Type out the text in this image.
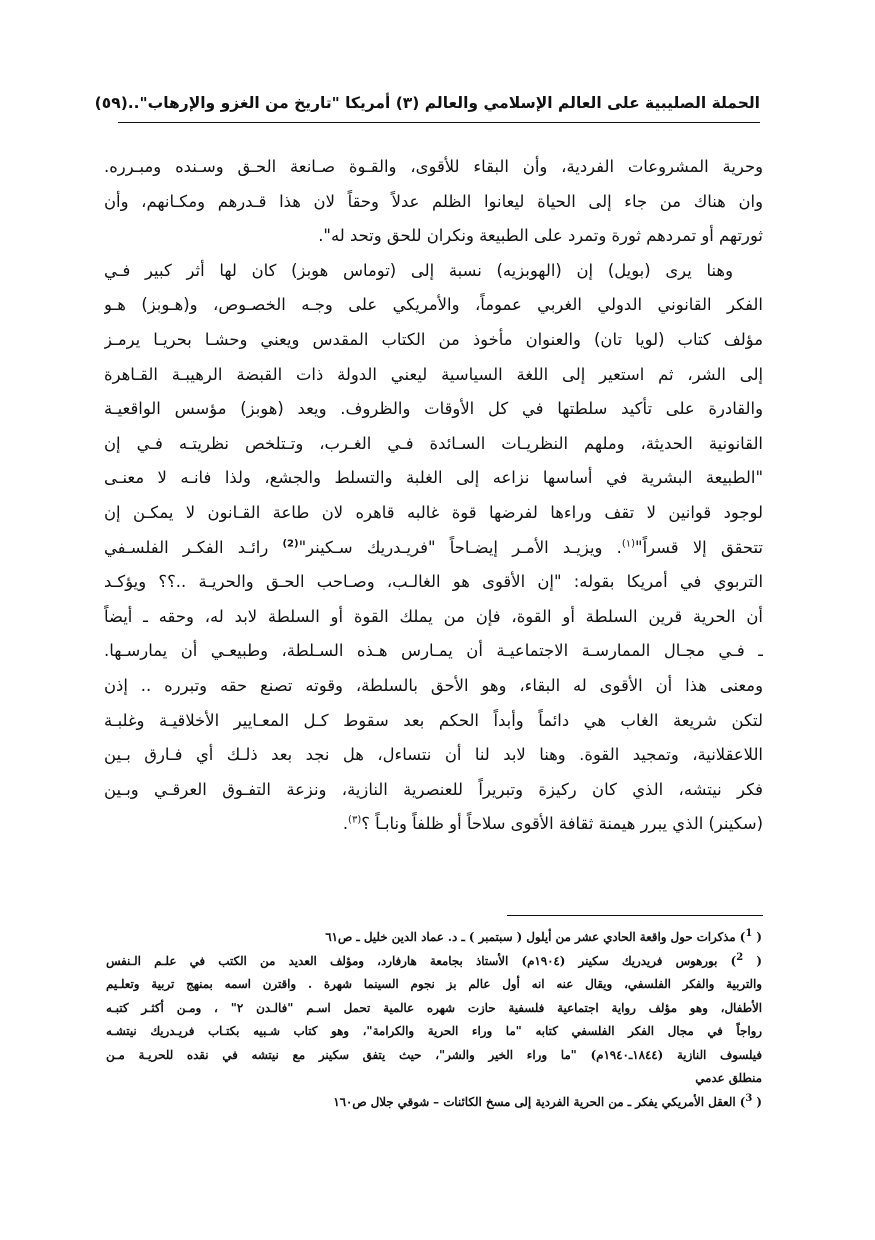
الحملة الصليبية على العالم الإسلامي والعالم (٣) أمريكا "تاريخ من الغزو والإرهاب"..
(٥٩)
وحرية المشروعات الفردية، وأن البقاء للأقوى، والقـوة صـانعة الحـق وسـنده ومبـرره.
وان هناك من جاء إلى الحياة ليعانوا الظلم عدلاً وحقاً لان هذا قـدرهم ومكـانهم، وأن
ثورتهم أو تمردهم ثورة وتمرد على الطبيعة ونكران للحق وتحد له".
وهنا يرى (بويل) إن (الهوبزيه) نسبة إلى (توماس هوبز) كان لها أثر كبير فـي
الفكر القانوني الدولي الغربي عموماً، والأمريكي على وجـه الخصـوص، و(هـوبز) هـو
مؤلف كتاب (لويا تان) والعنوان مأخوذ من الكتاب المقدس ويعني وحشـا بحريـا يرمـز
إلى الشر، ثم استعير إلى اللغة السياسية ليعني الدولة ذات القبضة الرهيبـة القـاهرة
والقادرة على تأكيد سلطتها في كل الأوقات والظروف. ويعد (هوبز) مؤسس الواقعيـة
القانونية الحديثة، وملهم النظريـات السـائدة فـي الغـرب، وتـتلخص نظريتـه فـي إن
"الطبيعة البشرية في أساسها نزاعه إلى الغلبة والتسلط والجشع، ولذا فانـه لا معنـى
لوجود قوانين لا تقف وراءها لفرضها قوة غالبه قاهره لان طاعة القـانون لا يمكـن إن
تتحقق إلا قسراً"$^{(١)}$. ويزيـد الأمـر إيضـاحاً "فريـدريك سـكينر"$^{(2)}$ رائـد الفكـر الفلسـفي
التربوي في أمريكا بقوله: "إن الأقوى هو الغالـب، وصـاحب الحـق والحريـة ..؟؟ ويؤكـد
أن الحرية قرين السلطة أو القوة، فإن من يملك القوة أو السلطة لابد له، وحقه ـ أيضاً
ـ فـي مجـال الممارسـة الاجتماعيـة أن يمـارس هـذه السـلطة، وطبيعـي أن يمارسـها.
ومعنى هذا أن الأقوى له البقاء، وهو الأحق بالسلطة، وقوته تصنع حقه وتبرره .. إذن
لتكن شريعة الغاب هي دائماً وأبداً الحكم بعد سقوط كـل المعـايير الأخلاقيـة وغلبـة
اللاعقلانية، وتمجيد القوة. وهنا لابد لنا أن نتساءل، هل نجد بعد ذلـك أي فـارق بـين
فكر نيتشه، الذي كان ركيزة وتبريراً للعنصرية النازية، ونزعة التفـوق العرقـي وبـين
(سكينر) الذي يبرر هيمنة ثقافة الأقوى سلاحاً أو ظلفاً ونابـاً ؟$^{(٣)}$.
( $^1$) مذكرات حول واقعة الحادي عشر من أيلول ( سبتمبر ) ـ د. عماد الدين خليل ـ ص٦١
( $^2$) بورهوس فريدريك سكينر (١٩٠٤م) الأستاذ بجامعة هارفارد، ومؤلف العديد من الكتب في علـم الـنفس
والتربية والفكر الفلسفي، ويقال عنه انه أول عالم بز نجوم السينما شهرة . واقترن اسمه بمنهج تربية وتعلـيم
الأطفال، وهو مؤلف رواية اجتماعية فلسفية حازت شهره عالمية تحمل اسـم "فالـدن ٢" ، ومـن أكثـر كتبـه
رواجاً في مجال الفكر الفلسفي كتابه "ما وراء الحرية والكرامة"، وهو كتاب شـبيه بكتـاب فريـدريك نيتشـه
فيلسوف النازية (١٨٤٤ـ١٩٤٠م) "ما وراء الخير والشر"، حيث يتفق سكينر مع نيتشه في نقده للحريـة مـن
منطلق عدمي
( $^3$) العقل الأمريكي يفكر ـ من الحرية الفردية إلى مسخ الكائنات – شوقي جلال ص١٦٠
